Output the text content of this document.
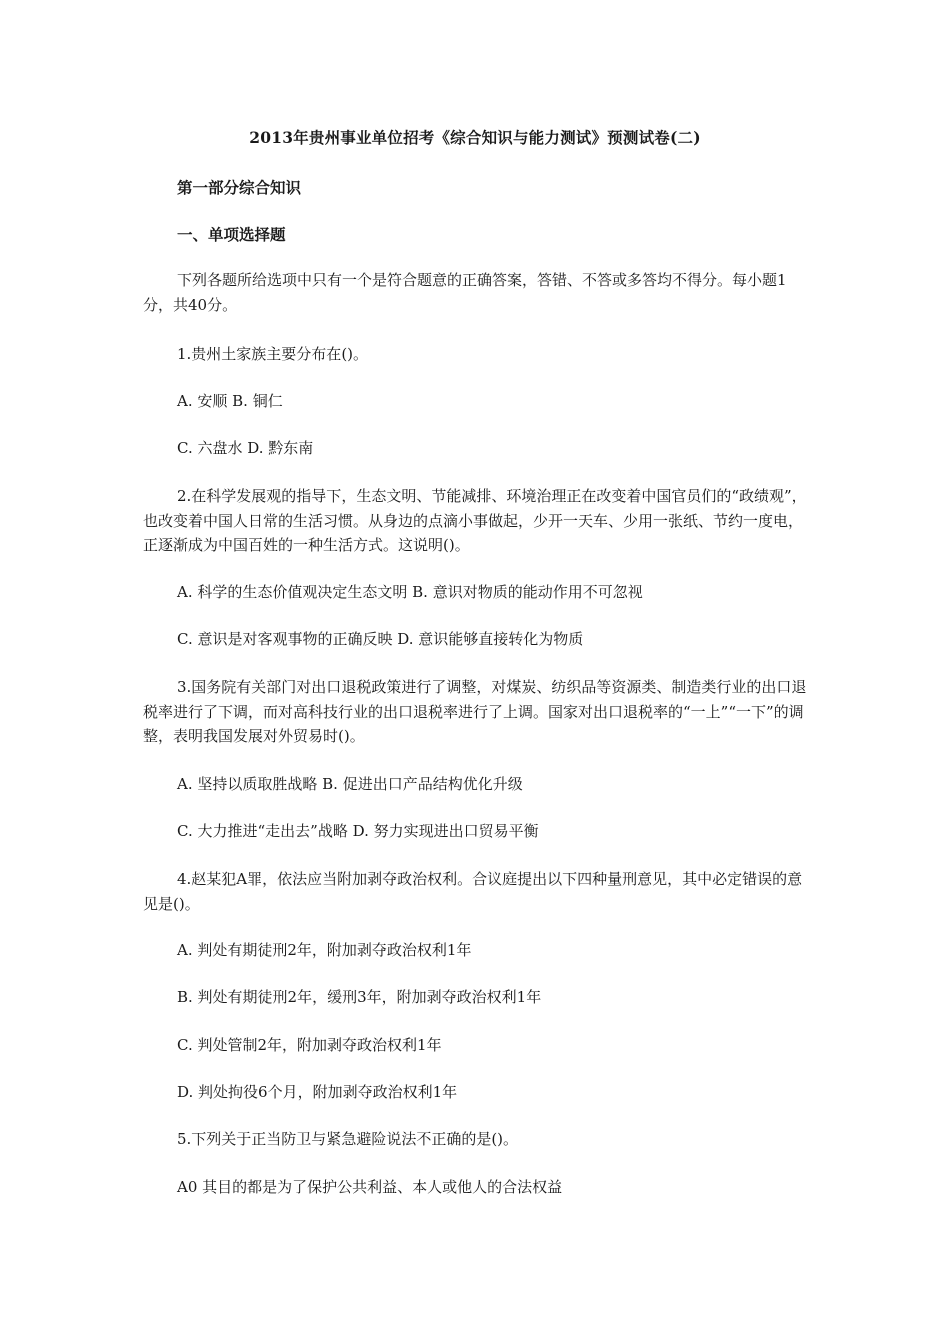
2013年贵州事业单位招考《综合知识与能力测试》预测试卷(二)
第一部分综合知识
一、单项选择题
下列各题所给选项中只有一个是符合题意的正确答案，答错、不答或多答均不得分。每小题1分，共40分。
1.贵州土家族主要分布在()。
A. 安顺 B. 铜仁
C. 六盘水 D. 黔东南
2.在科学发展观的指导下，生态文明、节能减排、环境治理正在改变着中国官员们的“政绩观”，也改变着中国人日常的生活习惯。从身边的点滴小事做起，少开一天车、少用一张纸、节约一度电，正逐渐成为中国百姓的一种生活方式。这说明()。
A. 科学的生态价值观决定生态文明 B. 意识对物质的能动作用不可忽视
C. 意识是对客观事物的正确反映 D. 意识能够直接转化为物质
3.国务院有关部门对出口退税政策进行了调整，对煤炭、纺织品等资源类、制造类行业的出口退税率进行了下调，而对高科技行业的出口退税率进行了上调。国家对出口退税率的“一上”“一下”的调整，表明我国发展对外贸易时()。
A. 坚持以质取胜战略 B. 促进出口产品结构优化升级
C. 大力推进“走出去”战略 D. 努力实现进出口贸易平衡
4.赵某犯A罪，依法应当附加剥夺政治权利。合议庭提出以下四种量刑意见，其中必定错误的意见是()。
A. 判处有期徒刑2年，附加剥夺政治权利1年
B. 判处有期徒刑2年，缓刑3年，附加剥夺政治权利1年
C. 判处管制2年，附加剥夺政治权利1年
D. 判处拘役6个月，附加剥夺政治权利1年
5.下列关于正当防卫与紧急避险说法不正确的是()。
A0 其目的都是为了保护公共利益、本人或他人的合法权益
